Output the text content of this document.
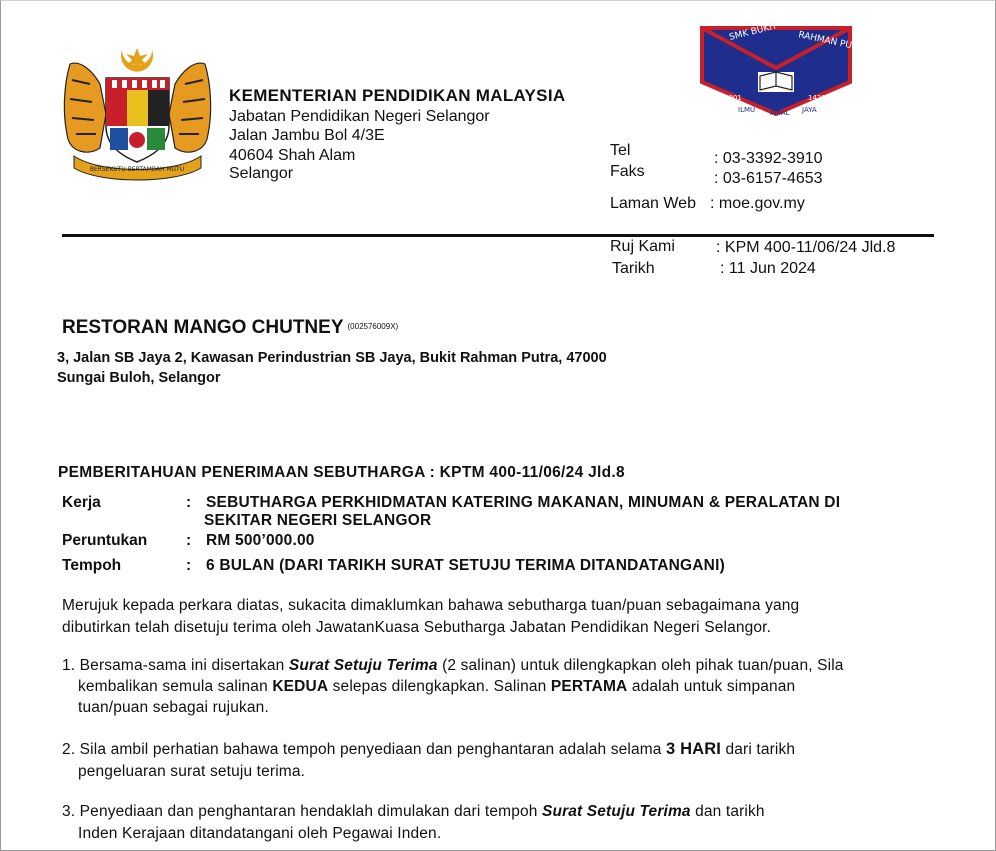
BERSEKUTU BERTAMBAH MUTU
SMK BUKIT RAHMAN PUTRA
2001	1421
ILMU AMAL JAYA
KEMENTERIAN PENDIDIKAN MALAYSIA
Jabatan Pendidikan Negeri Selangor
Jalan Jambu Bol 4/3E
40604 Shah Alam
Selangor
Tel	: 03-3392-3910
Faks	: 03-6157-4653
Laman Web : moe.gov.my
Ruj Kami	: KPM 400-11/06/24 Jld.8
Tarikh	: 11 Jun 2024
RESTORAN MANGO CHUTNEY $^{(002576009X)}$
3, Jalan SB Jaya 2, Kawasan Perindustrian SB Jaya, Bukit Rahman Putra, 47000
Sungai Buloh, Selangor
PEMBERITAHUAN PENERIMAAN SEBUTHARGA : KPTM 400-11/06/24 Jld.8
Kerja	: SEBUTHARGA PERKHIDMATAN KATERING MAKANAN, MINUMAN & PERALATAN DI
SEKITAR NEGERI SELANGOR
Peruntukan : RM 500’000.00
Tempoh	: 6 BULAN (DARI TARIKH SURAT SETUJU TERIMA DITANDATANGANI)
Merujuk kepada perkara diatas, sukacita dimaklumkan bahawa sebutharga tuan/puan sebagaimana yang
dibutirkan telah disetuju terima oleh JawatanKuasa Sebutharga Jabatan Pendidikan Negeri Selangor.
1. Bersama-sama ini disertakan Surat Setuju Terima (2 salinan) untuk dilengkapkan oleh pihak tuan/puan, Sila
kembalikan semula salinan KEDUA selepas dilengkapkan. Salinan PERTAMA adalah untuk simpanan
tuan/puan sebagai rujukan.
2. Sila ambil perhatian bahawa tempoh penyediaan dan penghantaran adalah selama 3 HARI dari tarikh
pengeluaran surat setuju terima.
3. Penyediaan dan penghantaran hendaklah dimulakan dari tempoh Surat Setuju Terima dan tarikh
Inden Kerajaan ditandatangani oleh Pegawai Inden.
